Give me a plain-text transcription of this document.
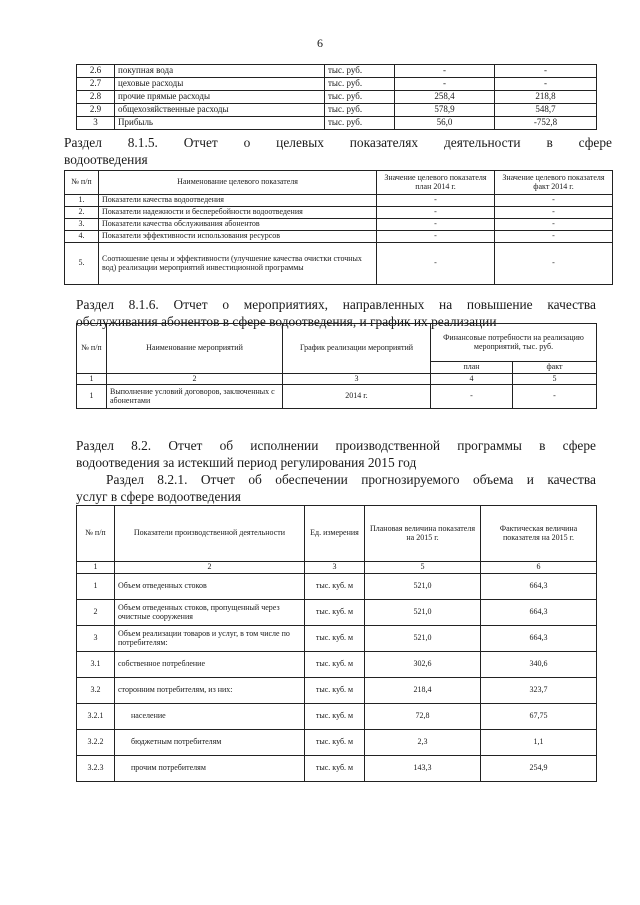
6
2.6	покупная вода	тыс. руб.	-	-
2.7	цеховые расходы	тыс. руб.	-	-
2.8	прочие прямые расходы	тыс. руб.	258,4	218,8
2.9	общехозяйственные расходы	тыс. руб.	578,9	548,7
3	Прибыль	тыс. руб.	56,0	-752,8

Раздел 8.1.5. Отчет о целевых показателях деятельности в сфере

водоотведения

№ п/п	Наименование целевого показателя	Значение целевого показателя план 2014 г.	Значение целевого показателя факт 2014 г.
1.	Показатели качества водоотведения	-	-
2.	Показатели надежности и бесперебойности водоотведения	-	-
3.	Показатели качества обслуживания абонентов	-	-
4.	Показатели эффективности использования ресурсов	-	-
5.	Соотношение цены и эффективности (улучшение качества очистки сточных вод) реализации мероприятий инвестиционной программы	-	-

Раздел 8.1.6. Отчет о мероприятиях, направленных на повышение качества

обслуживания абонентов в сфере водоотведения, и график их реализации

№ п/п	Наименование мероприятий	График реализации мероприятий	Финансовые потребности на реализацию мероприятий, тыс. руб.	
			план	факт
1	2	3	4	5
1	Выполнение условий договоров, заключенных с абонентами	2014 г.	-	-

Раздел 8.2. Отчет об исполнении производственной программы в сфере

водоотведения за истекший период регулирования 2015 год

Раздел 8.2.1. Отчет об обеспечении прогнозируемого объема и качества

услуг в сфере водоотведения

№ п/п	Показатели производственной деятельности	Ед. измерения	Плановая величина показателя на 2015 г.	Фактическая величина показателя на 2015 г.
1	2	3	5	6
1	Объем отведенных стоков	тыс. куб. м	521,0	664,3
2	Объем отведенных стоков, пропущенный через очистные сооружения	тыс. куб. м	521,0	664,3
3	Объем реализации товаров и услуг, в том числе по потребителям:	тыс. куб. м	521,0	664,3
3.1	собственное потребление	тыс. куб. м	302,6	340,6
3.2	сторонним потребителям, из них:	тыс. куб. м	218,4	323,7
3.2.1	население	тыс. куб. м	72,8	67,75
3.2.2	бюджетным потребителям	тыс. куб. м	2,3	1,1
3.2.3	прочим потребителям	тыс. куб. м	143,3	254,9
